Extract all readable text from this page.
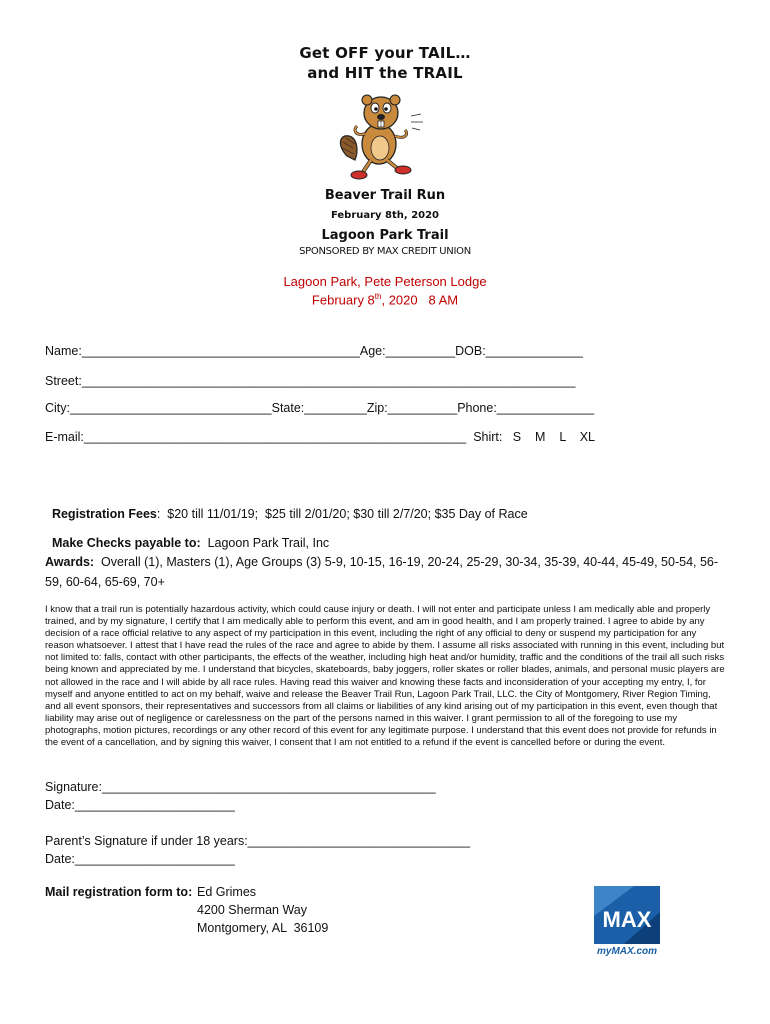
Get OFF your TAIL…
and HIT the TRAIL
Beaver Trail Run
February 8th, 2020
Lagoon Park Trail
SPONSORED BY MAX CREDIT UNION
Lagoon Park, Pete Peterson Lodge
February 8th, 2020   8 AM
Name:________________________________________Age:__________DOB:______________
Street:_______________________________________________________________________
City:_____________________________State:_________Zip:__________Phone:______________
E-mail:_______________________________________________________  Shirt:   S    M    L    XL

Registration Fees:  $20 till 11/01/19;  $25 till 2/01/20; $30 till 2/7/20; $35 Day of Race

Make Checks payable to:  Lagoon Park Trail, Inc

Awards:  Overall (1), Masters (1), Age Groups (3) 5-9, 10-15, 16-19, 20-24, 25-29, 30-34, 35-39, 40-44, 45-49, 50-54, 56-59, 60-64, 65-69, 70+
I know that a trail run is potentially hazardous activity, which could cause injury or death. I will not enter and participate unless I am medically able and properly trained, and by my signature, I certify that I am medically able to perform this event, and am in good health, and I am properly trained. I agree to abide by any decision of a race official relative to any aspect of my participation in this event, including the right of any official to deny or suspend my participation for any reason whatsoever. I attest that I have read the rules of the race and agree to abide by them. I assume all risks associated with running in this event, including but not limited to: falls, contact with other participants, the effects of the weather, including high heat and/or humidity, traffic and the conditions of the trail all such risks being known and appreciated by me. I understand that bicycles, skateboards, baby joggers, roller skates or roller blades, animals, and personal music players are not allowed in the race and I will abide by all race rules. Having read this waiver and knowing these facts and inconsideration of your accepting my entry, I, for myself and anyone entitled to act on my behalf, waive and release the Beaver Trail Run, Lagoon Park Trail, LLC. the City of Montgomery, River Region Timing, and all event sponsors, their representatives and successors from all claims or liabilities of any kind arising out of my participation in this event, even though that liability may arise out of negligence or carelessness on the part of the persons named in this waiver. I grant permission to all of the foregoing to use my photographs, motion pictures, recordings or any other record of this event for any legitimate purpose. I understand that this event does not provide for refunds in the event of a cancellation, and by signing this waiver, I consent that I am not entitled to a refund if the event is cancelled before or during the event.
Signature:________________________________________________
Date:_______________________
Parent’s Signature if under 18 years:________________________________
Date:_______________________
Mail registration form to: Ed Grimes
4200 Sherman Way
Montgomery, AL  36109	MAX
myMAX.com
